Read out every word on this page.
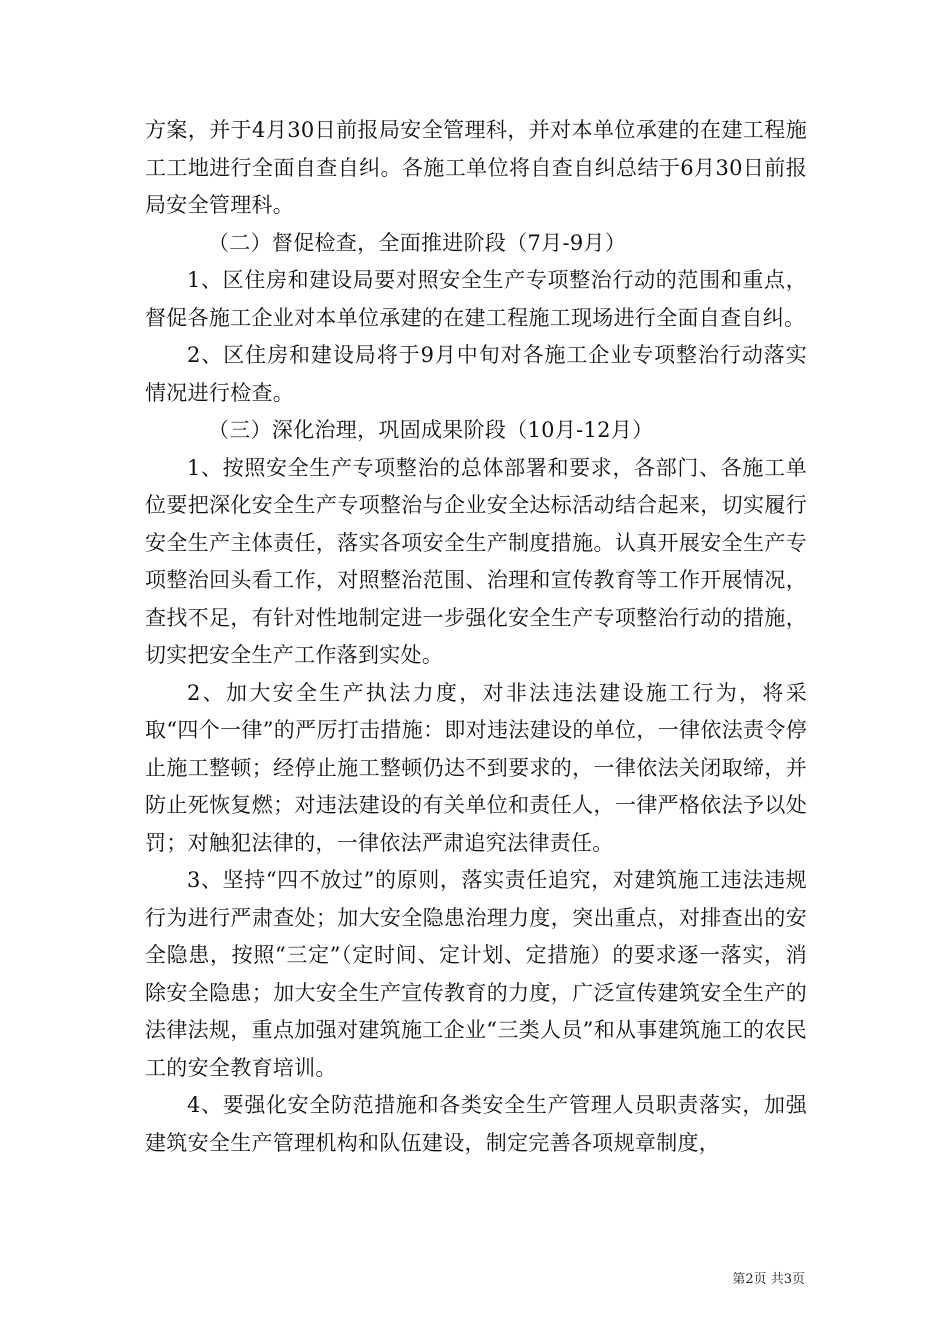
方案，并于4月30日前报局安全管理科，并对本单位承建的在建工程施工工地进行全面自查自纠。各施工单位将自查自纠总结于6月30日前报局安全管理科。

（二）督促检查，全面推进阶段（7月-9月）

1、区住房和建设局要对照安全生产专项整治行动的范围和重点，督促各施工企业对本单位承建的在建工程施工现场进行全面自查自纠。

2、区住房和建设局将于9月中旬对各施工企业专项整治行动落实情况进行检查。

（三）深化治理，巩固成果阶段（10月-12月）

1、按照安全生产专项整治的总体部署和要求，各部门、各施工单位要把深化安全生产专项整治与企业安全达标活动结合起来，切实履行安全生产主体责任，落实各项安全生产制度措施。认真开展安全生产专项整治回头看工作，对照整治范围、治理和宣传教育等工作开展情况，查找不足，有针对性地制定进一步强化安全生产专项整治行动的措施，切实把安全生产工作落到实处。

2、加大安全生产执法力度，对非法违法建设施工行为，将采取“四个一律”的严厉打击措施：即对违法建设的单位，一律依法责令停止施工整顿；经停止施工整顿仍达不到要求的，一律依法关闭取缔，并防止死恢复燃；对违法建设的有关单位和责任人，一律严格依法予以处罚；对触犯法律的，一律依法严肃追究法律责任。

3、坚持“四不放过”的原则，落实责任追究，对建筑施工违法违规行为进行严肃查处；加大安全隐患治理力度，突出重点，对排查出的安全隐患，按照“三定”（定时间、定计划、定措施）的要求逐一落实，消除安全隐患；加大安全生产宣传教育的力度，广泛宣传建筑安全生产的法律法规，重点加强对建筑施工企业“三类人员”和从事建筑施工的农民工的安全教育培训。

4、要强化安全防范措施和各类安全生产管理人员职责落实，加强建筑安全生产管理机构和队伍建设，制定完善各项规章制度，

第2页 共3页
